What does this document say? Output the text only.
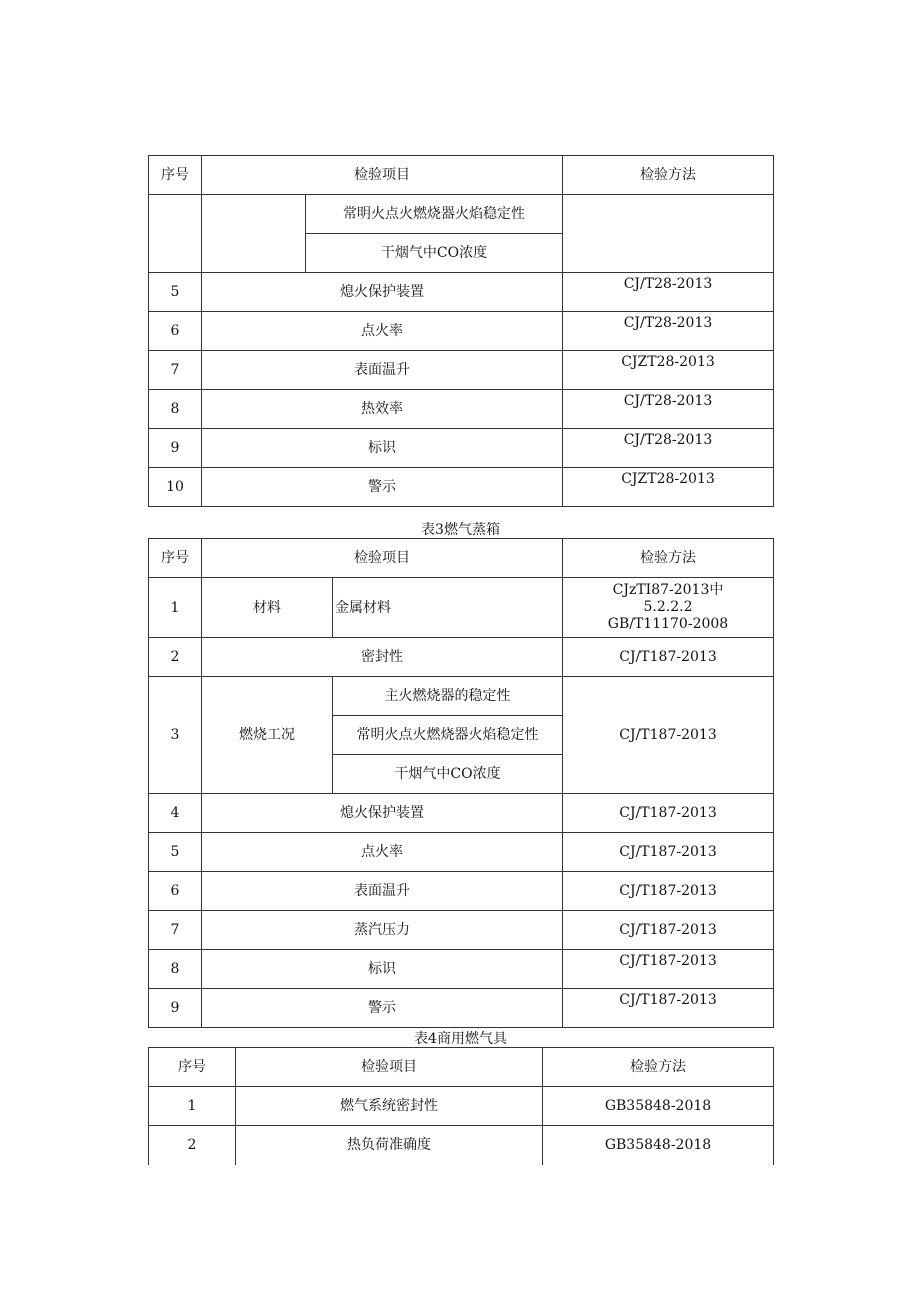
序号	检验项目		检验方法
		常明火点火燃烧器火焰稳定性	
		干烟气中CO浓度	
5	熄火保护装置		CJ/T28-2013
6	点火率		CJ/T28-2013
7	表面温升		CJZT28-2013
8	热效率		CJ/T28-2013
9	标识		CJ/T28-2013
10	警示		CJZT28-2013
表3燃气蒸箱
序号	检验项目		检验方法
1	材料	金属材料	CJzTI87-2013中
5.2.2.2
GB/T11170-2008

2	密封性		CJ/T187-2013
3	燃烧工况	主火燃烧器的稳定性	CJ/T187-2013
		常明火点火燃烧器火焰稳定性	
		干烟气中CO浓度	
4	熄火保护装置		CJ/T187-2013
5	点火率		CJ/T187-2013
6	表面温升		CJ/T187-2013
7	蒸汽压力		CJ/T187-2013
8	标识		CJ/T187-2013
9	警示		CJ/T187-2013
表4商用燃气具
序号	检验项目	检验方法
1	燃气系统密封性	GB35848-2018
2	热负荷准确度	GB35848-2018
